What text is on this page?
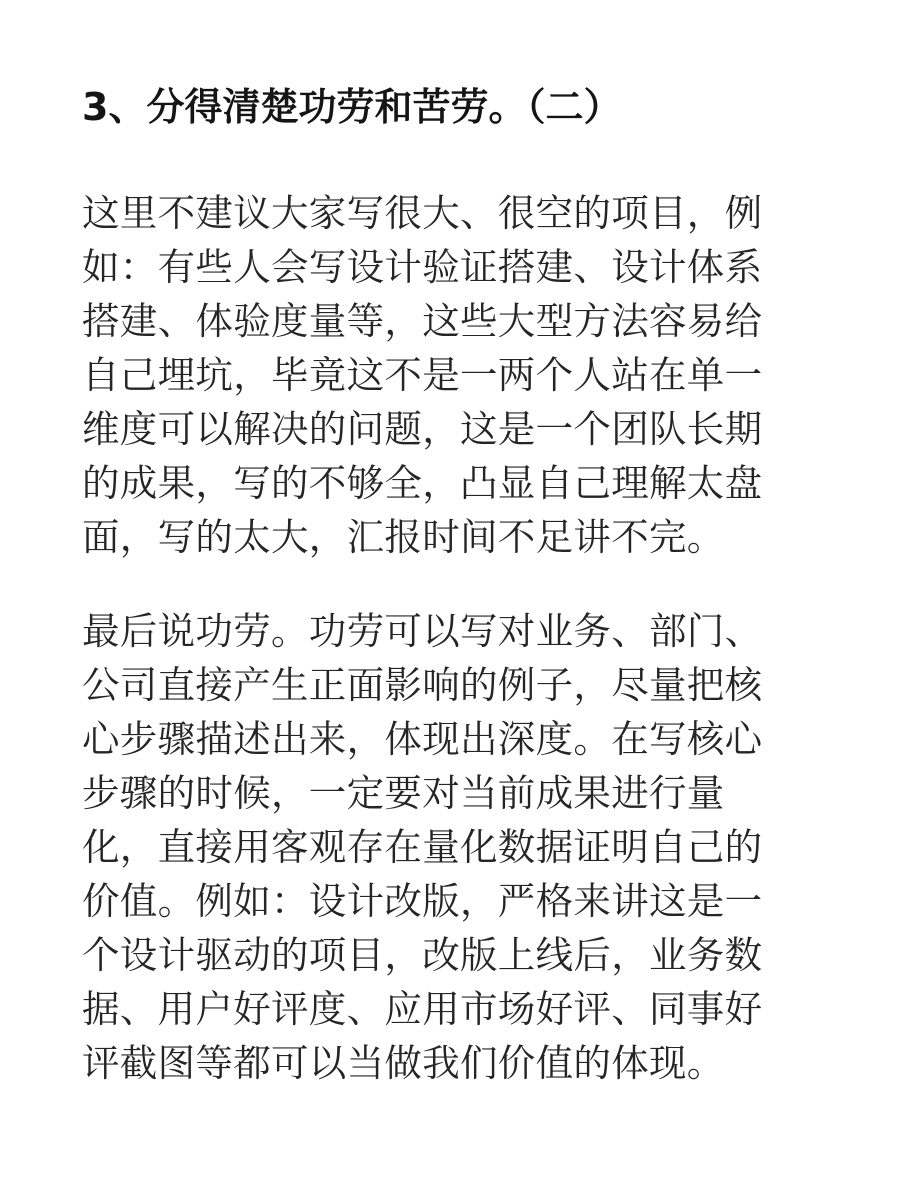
3、分得清楚功劳和苦劳。（二）

这里不建议大家写很大、很空的项目，例
如：有些人会写设计验证搭建、设计体系
搭建、体验度量等，这些大型方法容易给
自己埋坑，毕竟这不是一两个人站在单一
维度可以解决的问题，这是一个团队长期
的成果，写的不够全，凸显自己理解太盘
面，写的太大，汇报时间不足讲不完。

最后说功劳。功劳可以写对业务、部门、
公司直接产生正面影响的例子，尽量把核
心步骤描述出来，体现出深度。在写核心
步骤的时候，一定要对当前成果进行量
化，直接用客观存在量化数据证明自己的
价值。例如：设计改版，严格来讲这是一
个设计驱动的项目，改版上线后，业务数
据、用户好评度、应用市场好评、同事好
评截图等都可以当做我们价值的体现。
